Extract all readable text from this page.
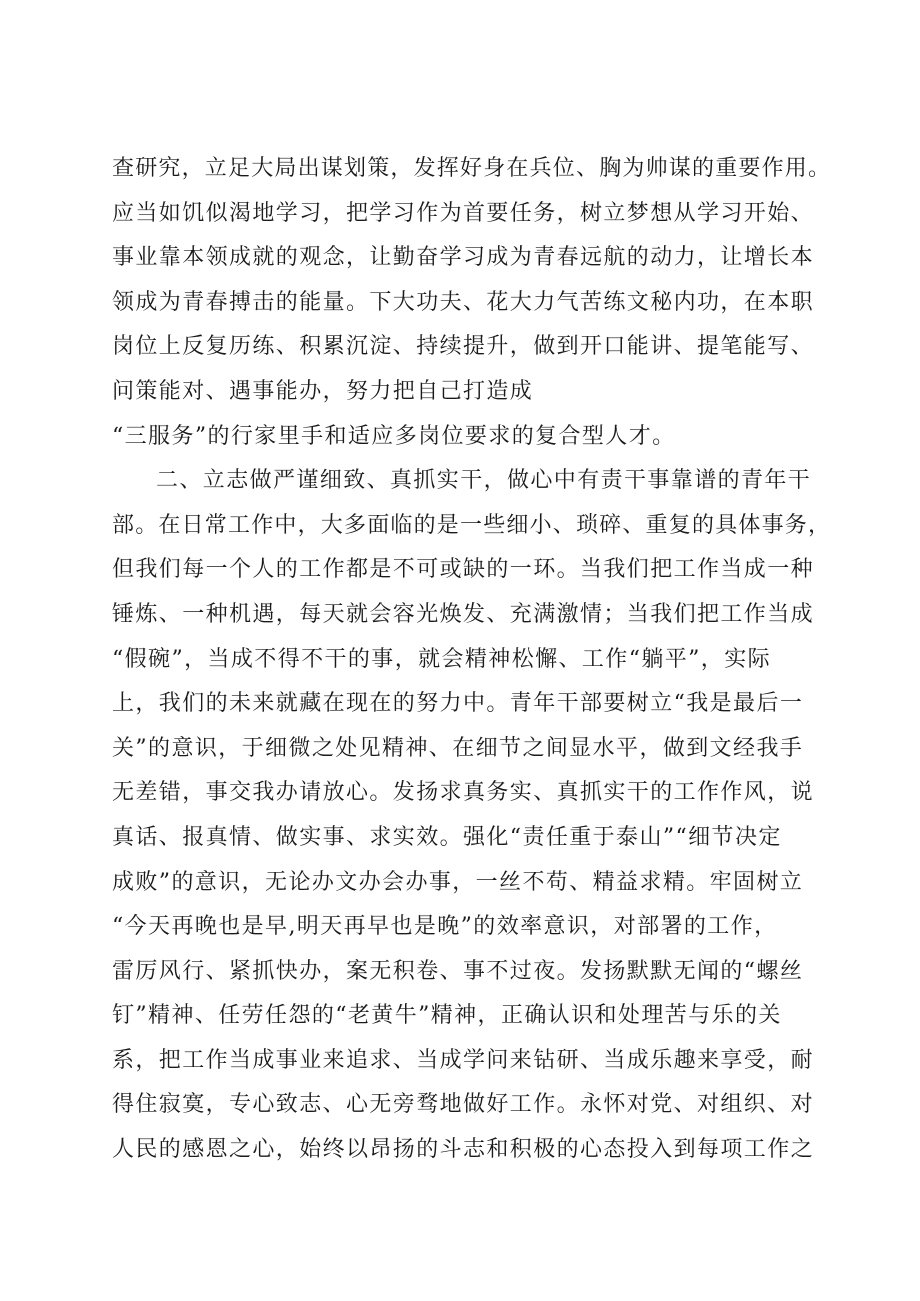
查研究，立足大局出谋划策，发挥好身在兵位、胸为帅谋的重要作用。
应当如饥似渴地学习，把学习作为首要任务，树立梦想从学习开始、
事业靠本领成就的观念，让勤奋学习成为青春远航的动力，让增长本
领成为青春搏击的能量。下大功夫、花大力气苦练文秘内功，在本职
岗位上反复历练、积累沉淀、持续提升，做到开口能讲、提笔能写、
问策能对、遇事能办，努力把自己打造成
“三服务”的行家里手和适应多岗位要求的复合型人才。
二、立志做严谨细致、真抓实干，做心中有责干事靠谱的青年干
部。在日常工作中，大多面临的是一些细小、琐碎、重复的具体事务，
但我们每一个人的工作都是不可或缺的一环。当我们把工作当成一种
锤炼、一种机遇，每天就会容光焕发、充满激情；当我们把工作当成
“假碗”，当成不得不干的事，就会精神松懈、工作“躺平”，实际
上，我们的未来就藏在现在的努力中。青年干部要树立“我是最后一
关”的意识，于细微之处见精神、在细节之间显水平，做到文经我手
无差错，事交我办请放心。发扬求真务实、真抓实干的工作作风，说
真话、报真情、做实事、求实效。强化“责任重于泰山”“细节决定
成败”的意识，无论办文办会办事，一丝不苟、精益求精。牢固树立
“今天再晚也是早,明天再早也是晚”的效率意识，对部署的工作，
雷厉风行、紧抓快办，案无积卷、事不过夜。发扬默默无闻的“螺丝
钉”精神、任劳任怨的“老黄牛”精神，正确认识和处理苦与乐的关
系，把工作当成事业来追求、当成学问来钻研、当成乐趣来享受，耐
得住寂寞，专心致志、心无旁骛地做好工作。永怀对党、对组织、对
人民的感恩之心，始终以昂扬的斗志和积极的心态投入到每项工作之
